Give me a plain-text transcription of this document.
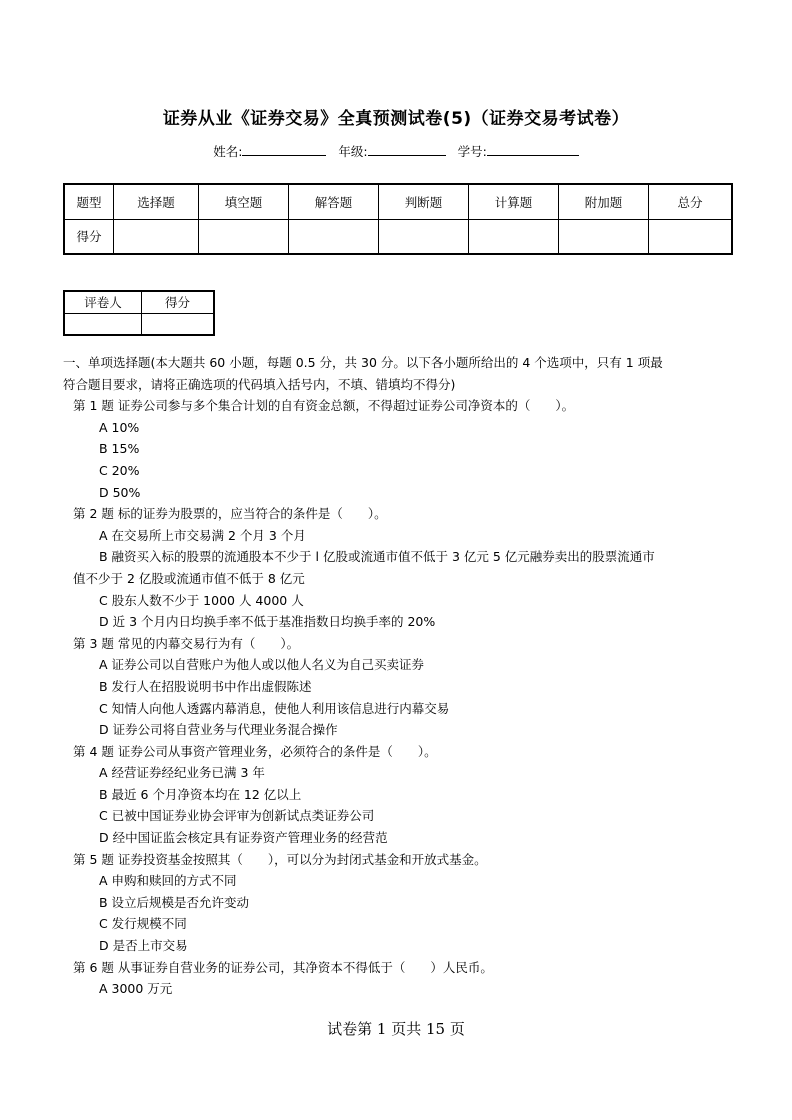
证券从业《证券交易》全真预测试卷(5)（证券交易考试卷）
姓名:	年级:	学号:
题型	选择题	填空题	解答题	判断题	计算题	附加题	总分
得分							
评卷人	得分

一、单项选择题(本大题共 60 小题，每题 0.5 分，共 30 分。以下各小题所给出的 4 个选项中，只有 1 项最

符合题目要求，请将正确选项的代码填入括号内，不填、错填均不得分)

第 1 题 证券公司参与多个集合计划的自有资金总额，不得超过证券公司净资本的（　　）。

A 10%

B 15%

C 20%

D 50%

第 2 题 标的证券为股票的，应当符合的条件是（　　）。

A 在交易所上市交易满 2 个月 3 个月

B 融资买入标的股票的流通股本不少于 l 亿股或流通市值不低于 3 亿元 5 亿元融券卖出的股票流通市

值不少于 2 亿股或流通市值不低于 8 亿元

C 股东人数不少于 1000 人 4000 人

D 近 3 个月内日均换手率不低于基准指数日均换手率的 20%

第 3 题 常见的内幕交易行为有（　　）。

A 证券公司以自营账户为他人或以他人名义为自己买卖证券

B 发行人在招股说明书中作出虚假陈述

C 知情人向他人透露内幕消息，使他人利用该信息进行内幕交易

D 证券公司将自营业务与代理业务混合操作

第 4 题 证券公司从事资产管理业务，必须符合的条件是（　　）。

A 经营证券经纪业务已满 3 年

B 最近 6 个月净资本均在 12 亿以上

C 已被中国证券业协会评审为创新试点类证券公司

D 经中国证监会核定具有证券资产管理业务的经营范

第 5 题 证券投资基金按照其（　　），可以分为封闭式基金和开放式基金。

A 申购和赎回的方式不同

B 设立后规模是否允许变动

C 发行规模不同

D 是否上市交易

第 6 题 从事证券自营业务的证券公司，其净资本不得低于（　　）人民币。

A 3000 万元

试卷第 1 页共 15 页
